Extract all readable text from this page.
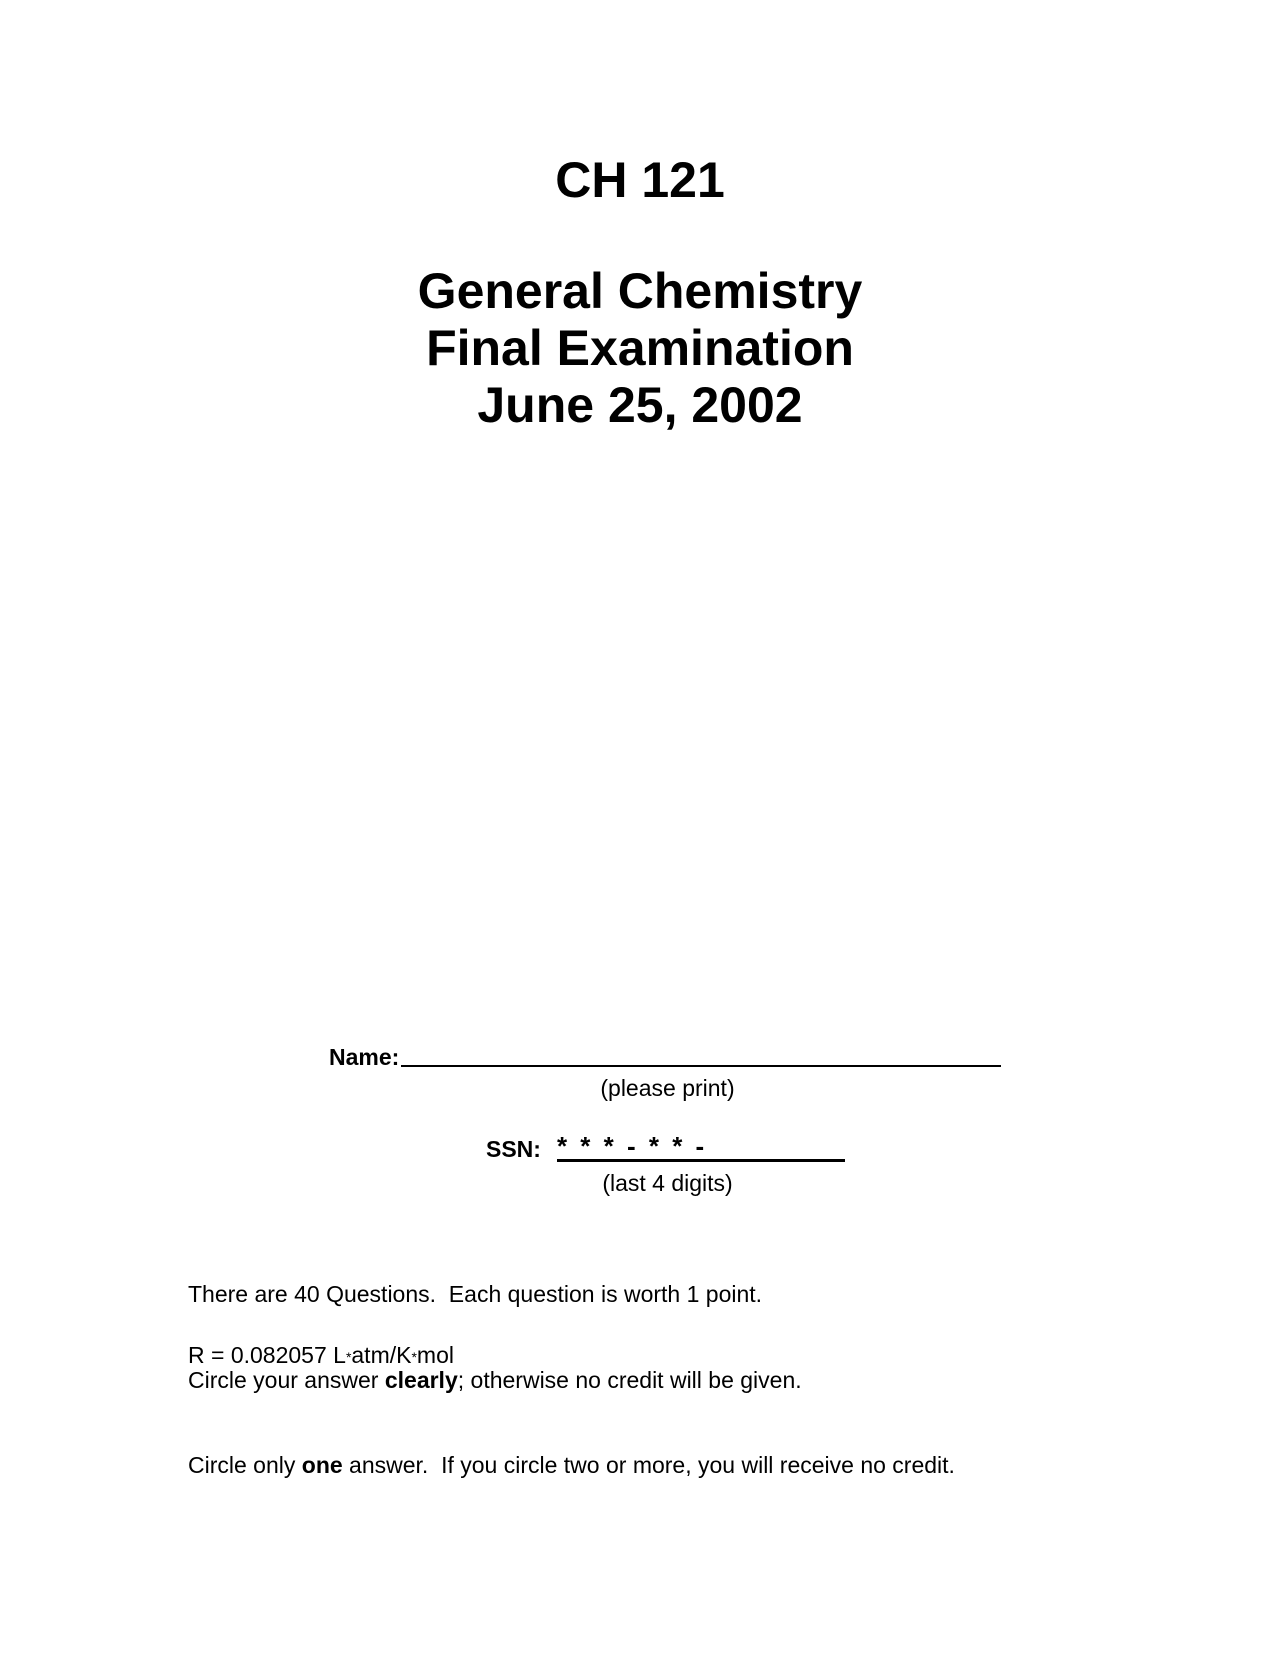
CH 121
General Chemistry
Final Examination
June 25, 2002
Name:
(please print)
SSN: * * * - * * -
(last 4 digits)

There are 40 Questions.  Each question is worth 1 point.

Circle your answer clearly; otherwise no credit will be given.

Circle only one answer.  If you circle two or more, you will receive no credit.

R = 0.082057 L*atm/K*mol
